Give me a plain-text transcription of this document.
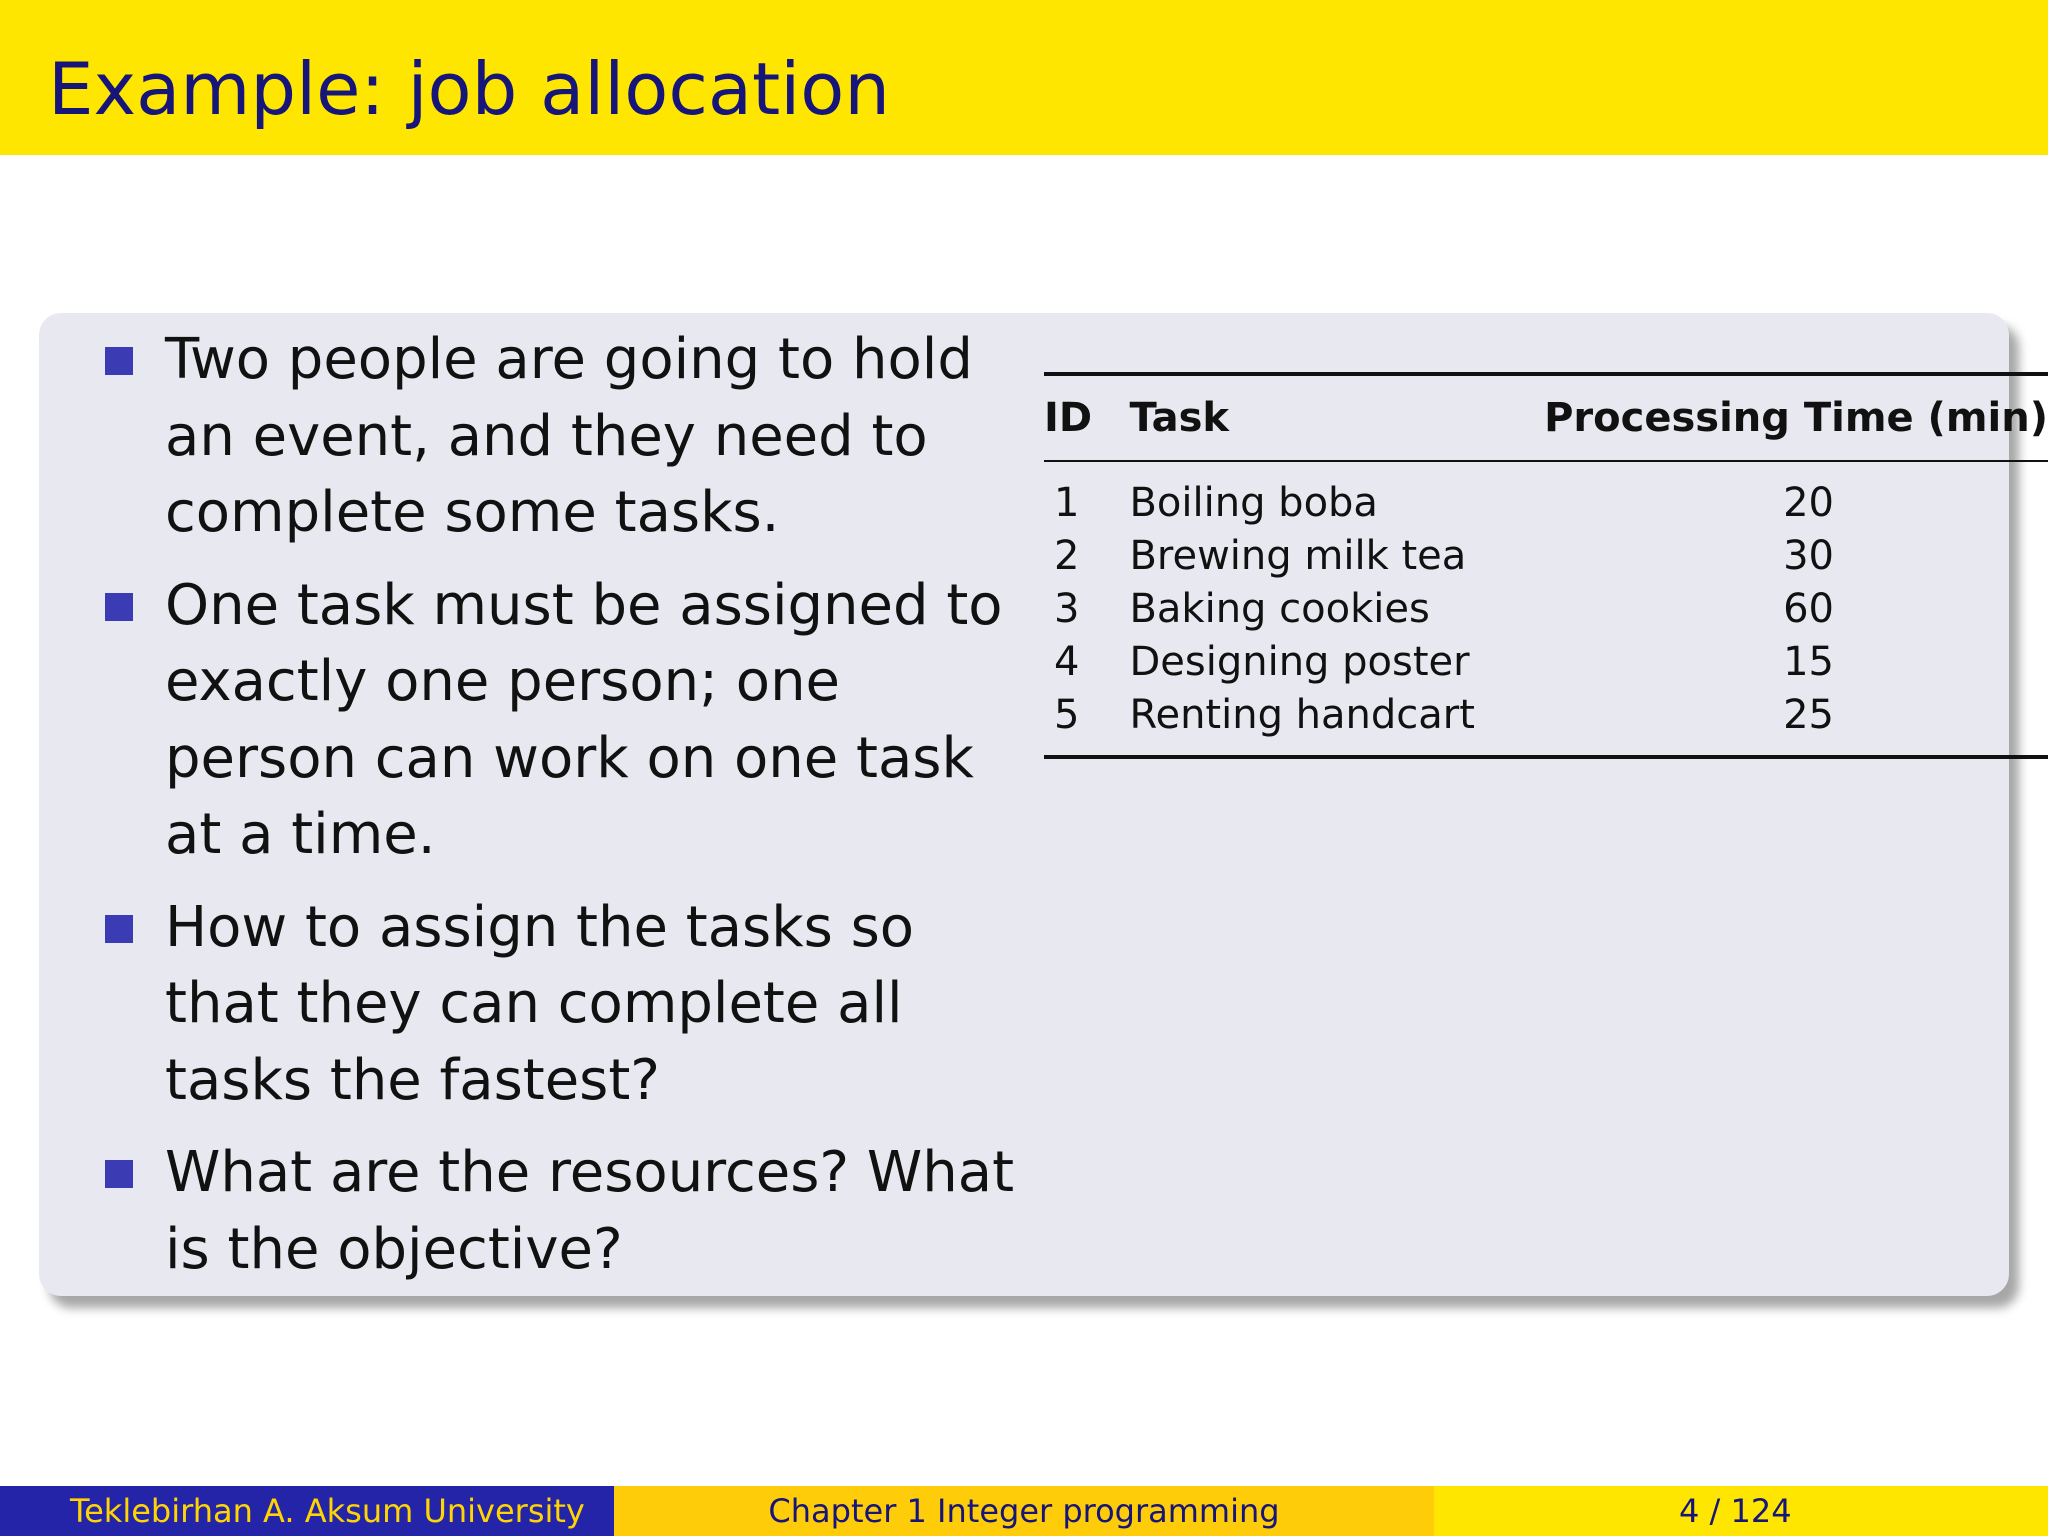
Example: job allocation
Two people are going to hold an event, and they need to complete some tasks.
One task must be assigned to exactly one person; one person can work on one task at a time.
How to assign the tasks so that they can complete all tasks the fastest?
What are the resources? What is the objective?
ID	Task	Processing Time (min)
1	Boiling boba	20
2	Brewing milk tea	30
3	Baking cookies	60
4	Designing poster	15
5	Renting handcart	25
Teklebirhan A. Aksum University	Chapter 1 Integer programming	4 / 124
